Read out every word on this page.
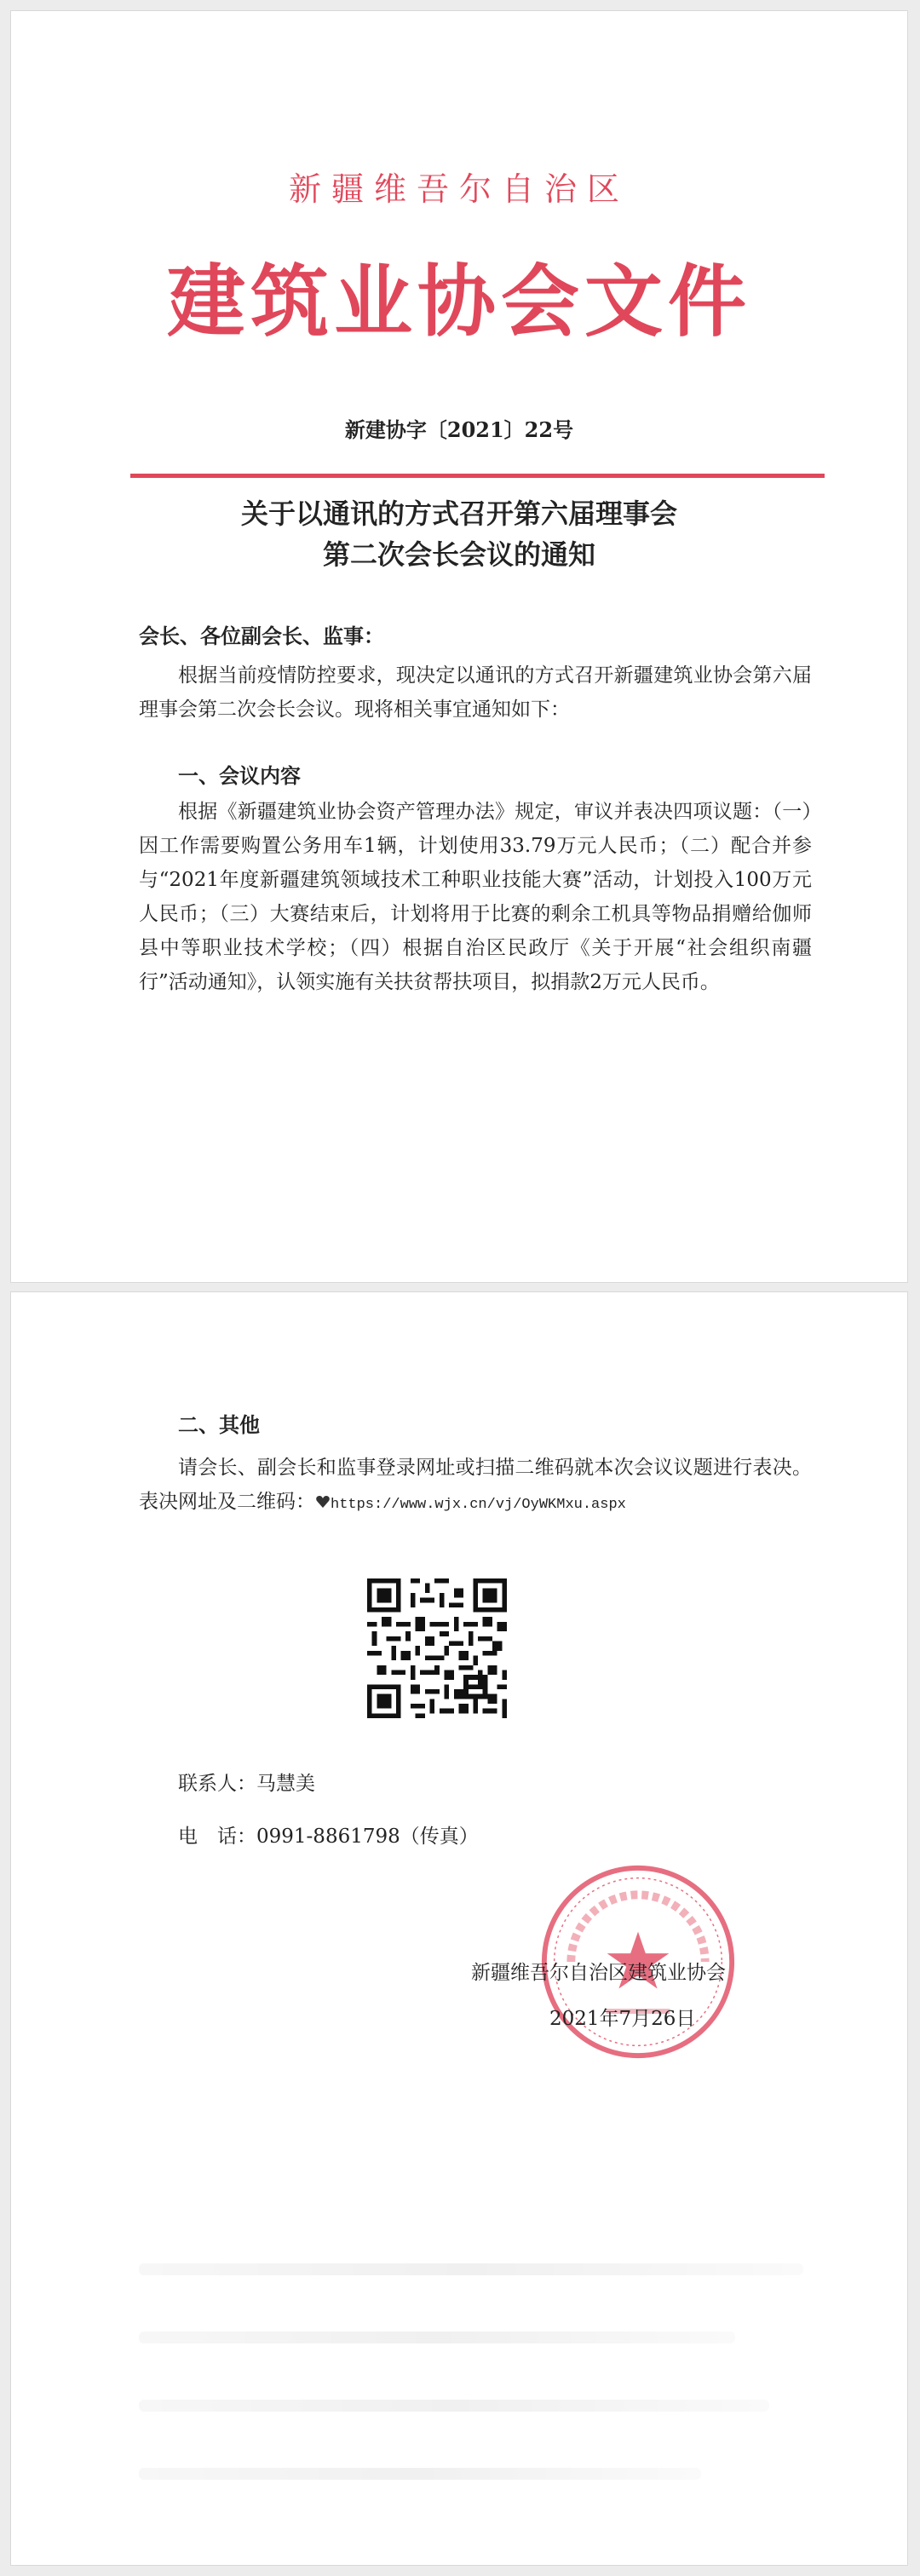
新疆维吾尔自治区
建筑业协会文件
新建协字〔2021〕22号
关于以通讯的方式召开第六届理事会
第二次会长会议的通知
会长、各位副会长、监事：
根据当前疫情防控要求，现决定以通讯的方式召开新疆建筑业协会第六届理事会第二次会长会议。现将相关事宜通知如下：
一、会议内容
根据《新疆建筑业协会资产管理办法》规定，审议并表决四项议题：（一）因工作需要购置公务用车1辆，计划使用33.79万元人民币；（二）配合并参与“2021年度新疆建筑领域技术工种职业技能大赛”活动，计划投入100万元人民币；（三）大赛结束后，计划将用于比赛的剩余工机具等物品捐赠给伽师县中等职业技术学校；（四）根据自治区民政厅《关于开展“社会组织南疆行”活动通知》，认领实施有关扶贫帮扶项目，拟捐款2万元人民币。
二、其他
请会长、副会长和监事登录网址或扫描二维码就本次会议议题进行表决。表决网址及二维码： https://www.wjx.cn/vj/OyWKMxu.aspx
联系人：马慧美
电　话：0991-8861798（传真）
新疆维吾尔自治区建筑业协会
2021年7月26日
